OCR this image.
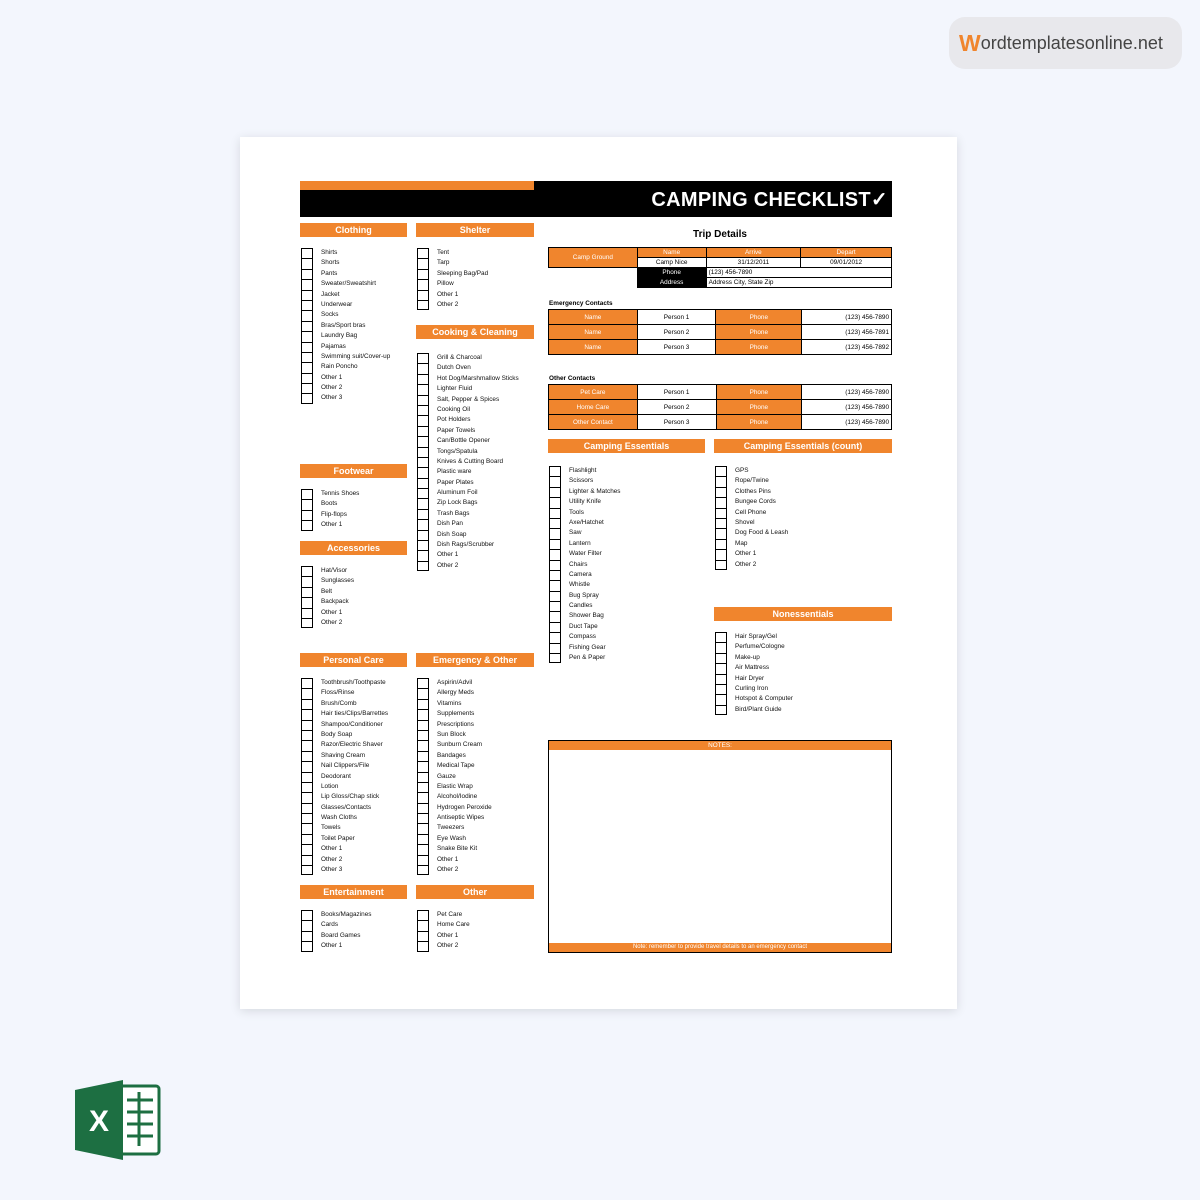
W ordtemplatesonline.net
CAMPING CHECKLIST✓
Clothing	Shelter
Cooking & Cleaning
Footwear
Accessories
Personal Care	Emergency & Other
Entertainment	Other
Camping Essentials	Camping Essentials (count)
Nonessentials
Shirts
Shorts
Pants
Sweater/Sweatshirt
Jacket
Underwear
Socks
Bras/Sport bras
Laundry Bag
Pajamas
Swimming suit/Cover-up
Rain Poncho
Other 1
Other 2
Other 3
Tent
Tarp
Sleeping Bag/Pad
Pillow
Other 1
Other 2
Grill & Charcoal
Dutch Oven
Hot Dog/Marshmallow Sticks
Lighter Fluid
Salt, Pepper & Spices
Cooking Oil
Pot Holders
Paper Towels
Can/Bottle Opener
Tongs/Spatula
Knives & Cutting Board
Plastic ware
Paper Plates
Aluminum Foil
Zip Lock Bags
Trash Bags
Dish Pan
Dish Soap
Dish Rags/Scrubber
Other 1
Other 2
Tennis Shoes
Boots
Flip-flops
Other 1
Hat/Visor
Sunglasses
Belt
Backpack
Other 1
Other 2
Toothbrush/Toothpaste
Floss/Rinse
Brush/Comb
Hair ties/Clips/Barrettes
Shampoo/Conditioner
Body Soap
Razor/Electric Shaver
Shaving Cream
Nail Clippers/File
Deodorant
Lotion
Lip Gloss/Chap stick
Glasses/Contacts
Wash Cloths
Towels
Toilet Paper
Other 1
Other 2
Other 3
Aspirin/Advil
Allergy Meds
Vitamins
Supplements
Prescriptions
Sun Block
Sunburn Cream
Bandages
Medical Tape
Gauze
Elastic Wrap
Alcohol/Iodine
Hydrogen Peroxide
Antiseptic Wipes
Tweezers
Eye Wash
Snake Bite Kit
Other 1
Other 2
Books/Magazines
Cards
Board Games
Other 1
Pet Care
Home Care
Other 1
Other 2
Flashlight
Scissors
Lighter & Matches
Utility Knife
Tools
Axe/Hatchet
Saw
Lantern
Water Filter
Chairs
Camera
Whistle
Bug Spray
Candles
Shower Bag
Duct Tape
Compass
Fishing Gear
Pen & Paper
GPS
Rope/Twine
Clothes Pins
Bungee Cords
Cell Phone
Shovel
Dog Food & Leash
Map
Other 1
Other 2
Hair Spray/Gel
Perfume/Cologne
Make-up
Air Mattress
Hair Dryer
Curling Iron
Hotspot & Computer
Bird/Plant Guide
Trip Details
Camp Ground	Name	Arrive	Depart
	Camp Nice	31/12/2011	09/01/2012
	Phone	(123) 456-7890	
	Address	Address City, State Zip	
Emergency Contacts
Name	Person 1	Phone	(123) 456-7890
Name	Person 2	Phone	(123) 456-7891
Name	Person 3	Phone	(123) 456-7892
Other Contacts
Pet Care	Person 1	Phone	(123) 456-7890
Home Care	Person 2	Phone	(123) 456-7890
Other Contact	Person 3	Phone	(123) 456-7890
NOTES:
Note: remember to provide travel details to an emergency contact
X
